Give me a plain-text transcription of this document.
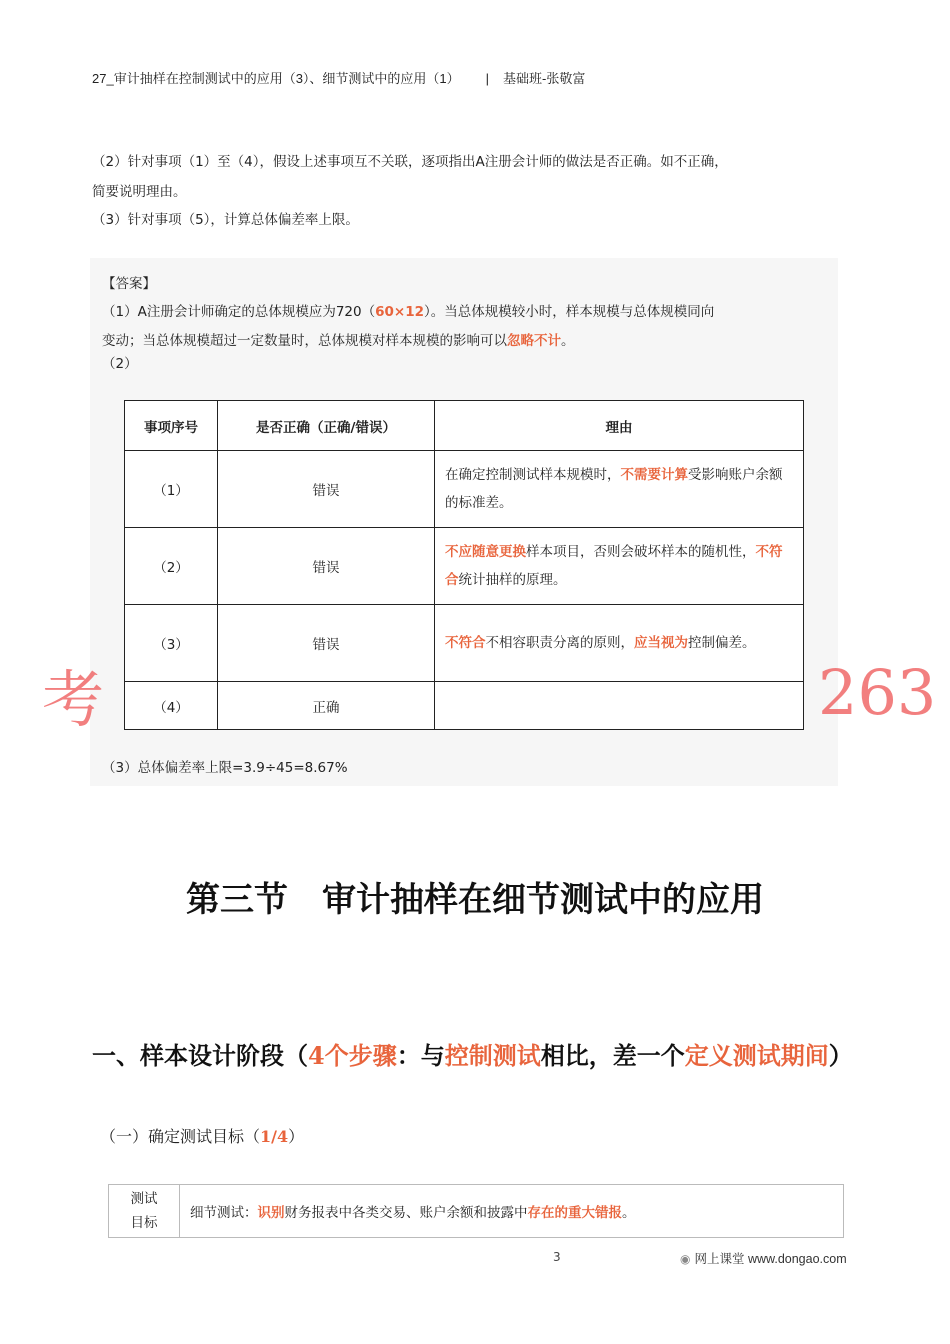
27_审计抽样在控制测试中的应用（3）、细节测试中的应用（1） | 基础班-张敬富
（2）针对事项（1）至（4），假设上述事项互不关联，逐项指出A注册会计师的做法是否正确。如不正确，
简要说明理由。
（3）针对事项（5），计算总体偏差率上限。
【答案】
（1）A注册会计师确定的总体规模应为720（60×12）。当总体规模较小时，样本规模与总体规模同向
变动；当总体规模超过一定数量时，总体规模对样本规模的影响可以忽略不计。
（2）
事项序号	是否正确（正确/错误）	理由
（1）	错误	在确定控制测试样本规模时，不需要计算受影响账户余额的标准差。
（2）	错误	不应随意更换样本项目，否则会破坏样本的随机性，不符合统计抽样的原理。
（3）	错误	不符合不相容职责分离的原则，应当视为控制偏差。
（4）	正确	
（3）总体偏差率上限=3.9÷45=8.67%
考	263
第三节　审计抽样在细节测试中的应用
一、样本设计阶段（4个步骤：与控制测试相比，差一个定义测试期间）
（一）确定测试目标（1/4）
测试目标	细节测试：识别财务报表中各类交易、账户余额和披露中存在的重大错报。
3	◉ 网上课堂 www.dongao.com
